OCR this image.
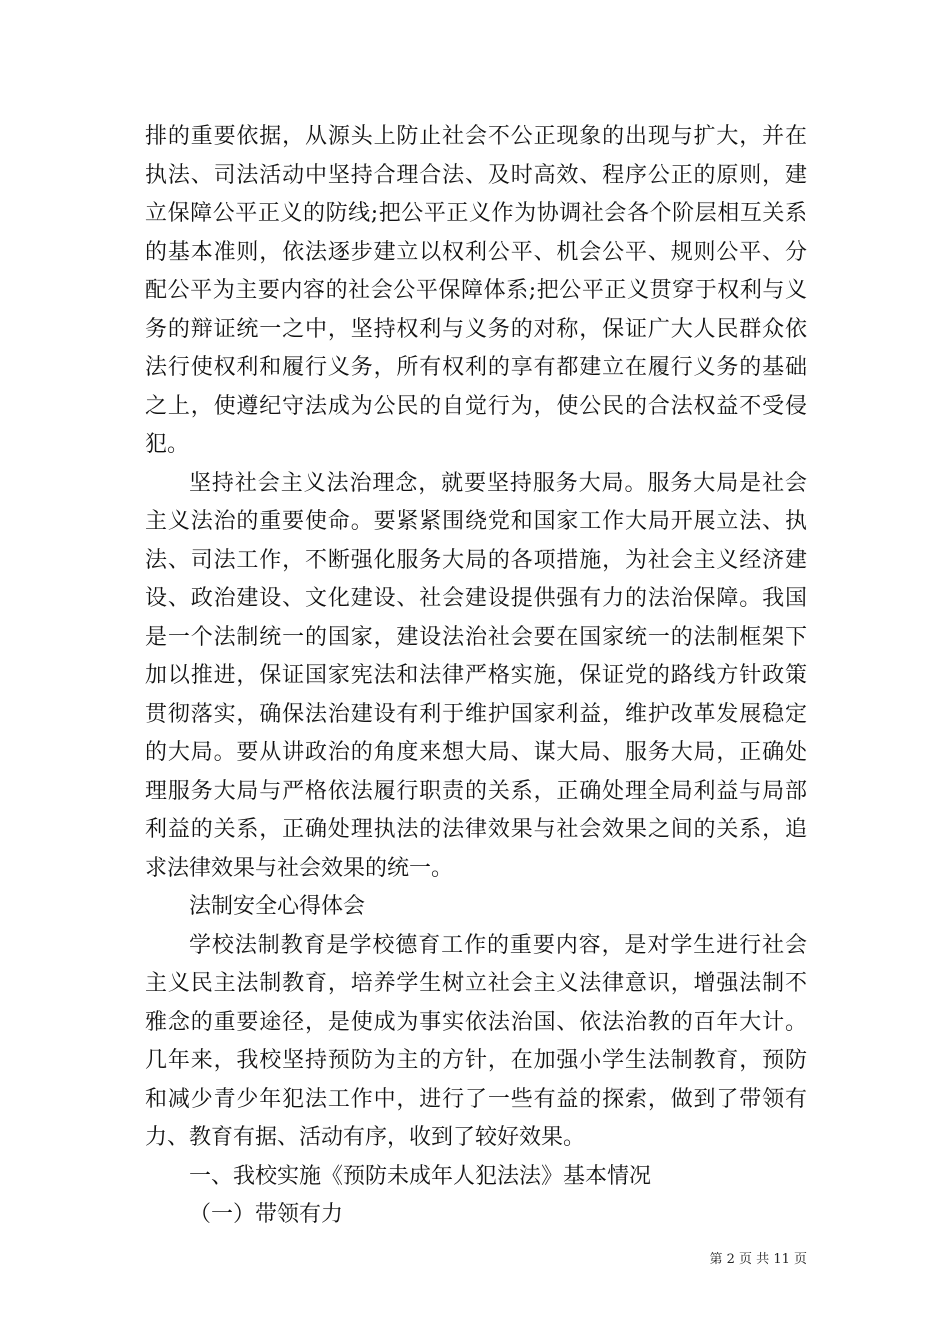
排的重要依据，从源头上防止社会不公正现象的出现与扩大，并在
执法、司法活动中坚持合理合法、及时高效、程序公正的原则，建
立保障公平正义的防线;把公平正义作为协调社会各个阶层相互关系
的基本准则，依法逐步建立以权利公平、机会公平、规则公平、分
配公平为主要内容的社会公平保障体系;把公平正义贯穿于权利与义
务的辩证统一之中，坚持权利与义务的对称，保证广大人民群众依
法行使权利和履行义务，所有权利的享有都建立在履行义务的基础
之上，使遵纪守法成为公民的自觉行为，使公民的合法权益不受侵
犯。
坚持社会主义法治理念，就要坚持服务大局。服务大局是社会
主义法治的重要使命。要紧紧围绕党和国家工作大局开展立法、执
法、司法工作，不断强化服务大局的各项措施，为社会主义经济建
设、政治建设、文化建设、社会建设提供强有力的法治保障。我国
是一个法制统一的国家，建设法治社会要在国家统一的法制框架下
加以推进，保证国家宪法和法律严格实施，保证党的路线方针政策
贯彻落实，确保法治建设有利于维护国家利益，维护改革发展稳定
的大局。要从讲政治的角度来想大局、谋大局、服务大局，正确处
理服务大局与严格依法履行职责的关系，正确处理全局利益与局部
利益的关系，正确处理执法的法律效果与社会效果之间的关系，追
求法律效果与社会效果的统一。
法制安全心得体会
学校法制教育是学校德育工作的重要内容，是对学生进行社会
主义民主法制教育，培养学生树立社会主义法律意识，增强法制不
雅念的重要途径，是使成为事实依法治国、依法治教的百年大计。
几年来，我校坚持预防为主的方针，在加强小学生法制教育，预防
和减少青少年犯法工作中，进行了一些有益的探索，做到了带领有
力、教育有据、活动有序，收到了较好效果。
一、我校实施《预防未成年人犯法法》基本情况
（一）带领有力
第 2 页 共 11 页
